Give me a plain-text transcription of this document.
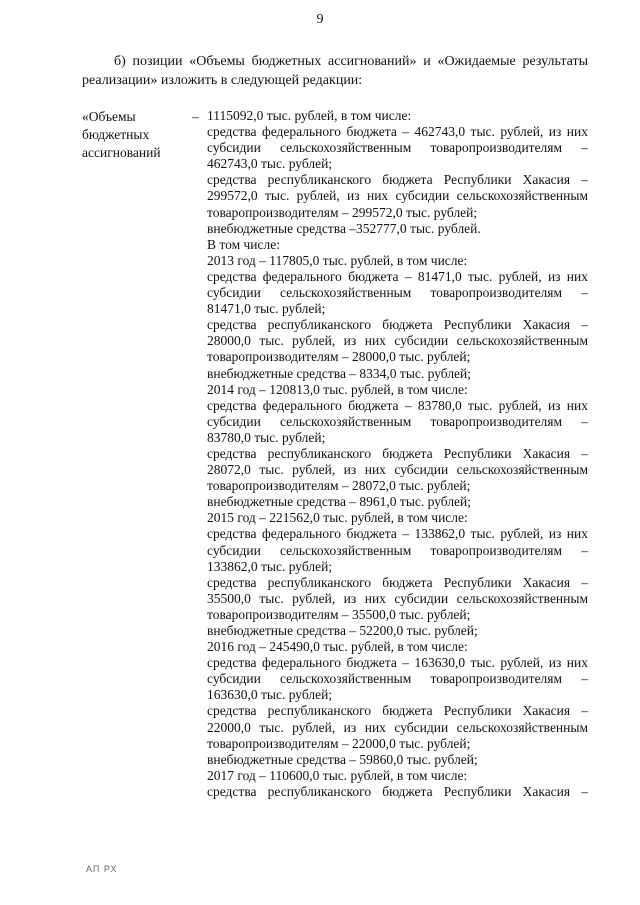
9

б) позиции «Объемы бюджетных ассигнований» и «Ожидаемые результаты реализации» изложить в следующей редакции:

«Объемы
бюджетных
ассигнований
– 1115092,0 тыс. рублей, в том числе:
средства федерального бюджета – 462743,0 тыс. рублей, из них
субсидии сельскохозяйственным товаропроизводителям –
462743,0 тыс. рублей;
средства республиканского бюджета Республики Хакасия –
299572,0 тыс. рублей, из них субсидии сельскохозяйственным
товаропроизводителям – 299572,0 тыс. рублей;
внебюджетные средства –352777,0 тыс. рублей.
В том числе:
2013 год – 117805,0 тыс. рублей, в том числе:
средства федерального бюджета – 81471,0 тыс. рублей, из них
субсидии сельскохозяйственным товаропроизводителям –
81471,0 тыс. рублей;
средства республиканского бюджета Республики Хакасия –
28000,0 тыс. рублей, из них субсидии сельскохозяйственным
товаропроизводителям – 28000,0 тыс. рублей;
внебюджетные средства – 8334,0 тыс. рублей;
2014 год – 120813,0 тыс. рублей, в том числе:
средства федерального бюджета – 83780,0 тыс. рублей, из них
субсидии сельскохозяйственным товаропроизводителям –
83780,0 тыс. рублей;
средства республиканского бюджета Республики Хакасия –
28072,0 тыс. рублей, из них субсидии сельскохозяйственным
товаропроизводителям – 28072,0 тыс. рублей;
внебюджетные средства – 8961,0 тыс. рублей;
2015 год – 221562,0 тыс. рублей, в том числе:
средства федерального бюджета – 133862,0 тыс. рублей, из них
субсидии сельскохозяйственным товаропроизводителям –
133862,0 тыс. рублей;
средства республиканского бюджета Республики Хакасия –
35500,0 тыс. рублей, из них субсидии сельскохозяйственным
товаропроизводителям – 35500,0 тыс. рублей;
внебюджетные средства – 52200,0 тыс. рублей;
2016 год – 245490,0 тыс. рублей, в том числе:
средства федерального бюджета – 163630,0 тыс. рублей, из них
субсидии сельскохозяйственным товаропроизводителям –
163630,0 тыс. рублей;
средства республиканского бюджета Республики Хакасия –
22000,0 тыс. рублей, из них субсидии сельскохозяйственным
товаропроизводителям – 22000,0 тыс. рублей;
внебюджетные средства – 59860,0 тыс. рублей;
2017 год – 110600,0 тыс. рублей, в том числе:
средства республиканского бюджета Республики Хакасия –
АП РХ
